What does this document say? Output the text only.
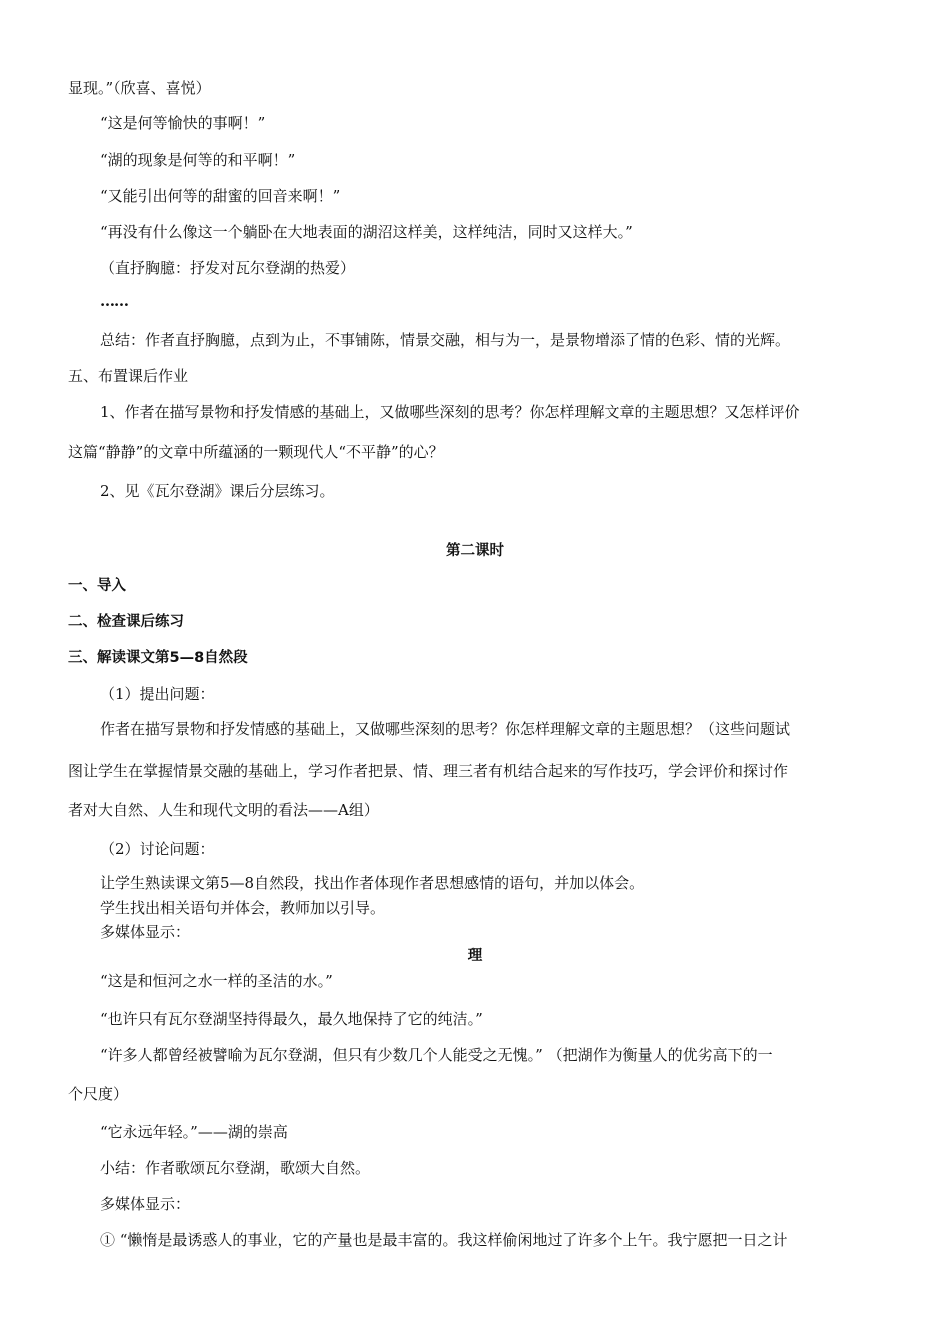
显现。”（欣喜、喜悦）
“这是何等愉快的事啊！”
“湖的现象是何等的和平啊！”
“又能引出何等的甜蜜的回音来啊！”
“再没有什么像这一个躺卧在大地表面的湖沼这样美，这样纯洁，同时又这样大。”
（直抒胸臆：抒发对瓦尔登湖的热爱）
……
总结：作者直抒胸臆，点到为止，不事铺陈，情景交融，相与为一，是景物增添了情的色彩、情的光辉。
五、布置课后作业
1、作者在描写景物和抒发情感的基础上，又做哪些深刻的思考？你怎样理解文章的主题思想？又怎样评价
这篇“静静”的文章中所蕴涵的一颗现代人“不平静”的心？
2、见《瓦尔登湖》课后分层练习。
第二课时
一、导入
二、检查课后练习
三、解读课文第5—8自然段
（1）提出问题：
作者在描写景物和抒发情感的基础上，又做哪些深刻的思考？你怎样理解文章的主题思想？（这些问题试
图让学生在掌握情景交融的基础上，学习作者把景、情、理三者有机结合起来的写作技巧，学会评价和探讨作
者对大自然、人生和现代文明的看法——A组）
（2）讨论问题：
让学生熟读课文第5—8自然段，找出作者体现作者思想感情的语句，并加以体会。
学生找出相关语句并体会，教师加以引导。
多媒体显示：
理
“这是和恒河之水一样的圣洁的水。”
“也许只有瓦尔登湖坚持得最久，最久地保持了它的纯洁。”
“许多人都曾经被譬喻为瓦尔登湖，但只有少数几个人能受之无愧。” （把湖作为衡量人的优劣高下的一
个尺度）
“它永远年轻。”——湖的崇高
小结：作者歌颂瓦尔登湖，歌颂大自然。
多媒体显示：
① “懒惰是最诱惑人的事业，它的产量也是最丰富的。我这样偷闲地过了许多个上午。我宁愿把一日之计
